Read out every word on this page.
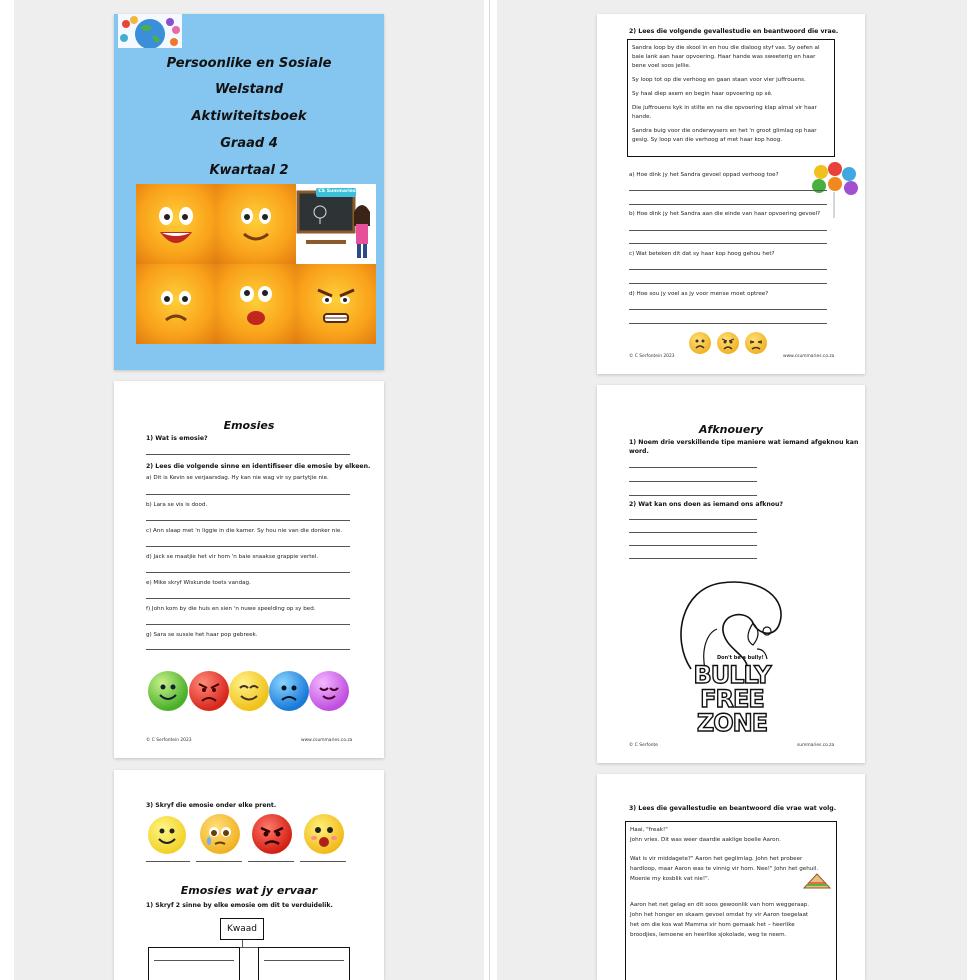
Persoonlike en Sosiale
Welstand
Aktiwiteitsboek
Graad 4
Kwartaal 2
CS Summaries
Emosies
1) Wat is emosie?
2) Lees die volgende sinne en identifiseer die emosie by elkeen.
a) Dit is Kevin se verjaarsdag. Hy kan nie wag vir sy partytjie nie.
b) Lara se vis is dood.
c) Ann slaap met 'n liggie in die kamer. Sy hou nie van die donker nie.
d) Jack se maatjie het vir hom 'n baie snaakse grappie vertel.
e) Mike skryf Wiskunde toets vandag.
f) John kom by die huis en sien 'n nuwe speelding op sy bed.
g) Sara se sussie het haar pop gebreek.
© C Serfontein 2023	www.csummaries.co.za
3) Skryf die emosie onder elke prent.
Emosies wat jy ervaar
1) Skryf 2 sinne by elke emosie om dit te verduidelik.
Kwaad
2) Lees die volgende gevallestudie en beantwoord die vrae.
Sandra loop by die skool in en hou die dialoog styf vas. Sy oefen al
baie lank aan haar opvoering. Haar hande was sweeterig en haar
bene voel soos jellie.
Sy loop tot op die verhoog en gaan staan voor vier juffrouens.
Sy haal diep asem en begin haar opvoering op sê.
Die juffrouens kyk in stilte en na die opvoering klap almal vir haar
hande.
Sandra buig voor die onderwysers en het 'n groot glimlag op haar
gesig. Sy loop van die verhoog af met haar kop hoog.
a) Hoe dink jy het Sandra gevoel oppad verhoog toe?
b) Hoe dink jy het Sandra aan die einde van haar opvoering gevoel?
c) Wat beteken dit dat sy haar kop hoog gehou het?
d) Hoe sou jy voel as jy voor mense moet optree?
© C Serfontein 2023	www.csummaries.co.za
Afknouery
1) Noem drie verskillende tipe maniere wat iemand afgeknou kan
word.
2) Wat kan ons doen as iemand ons afknou?
Don't be a bully!
BULLY
FREE
ZONE
© C Serfonte	summaries.co.za
3) Lees die gevallestudie en beantwoord die vrae wat volg.
Haai, "freak!"
John vries. Dit was weer daardie aaklige boelie Aaron.
Wat is vir middagete?" Aaron het geglimlag. John het probeer
hardloop, maar Aaron was te vinnig vir hom. Nee!" John het gehuil.
Moenie my kosblik vat nie!".
Aaron het net gelag en dit soos gewoonlik van hom weggeraap.
John het honger en skaam gevoel omdat hy vir Aaron toegelaat
het om die kos wat Mamma vir hom gemaak het – heerlike
broodjies, lemoene en heerlike sjokolade, weg te neem.
